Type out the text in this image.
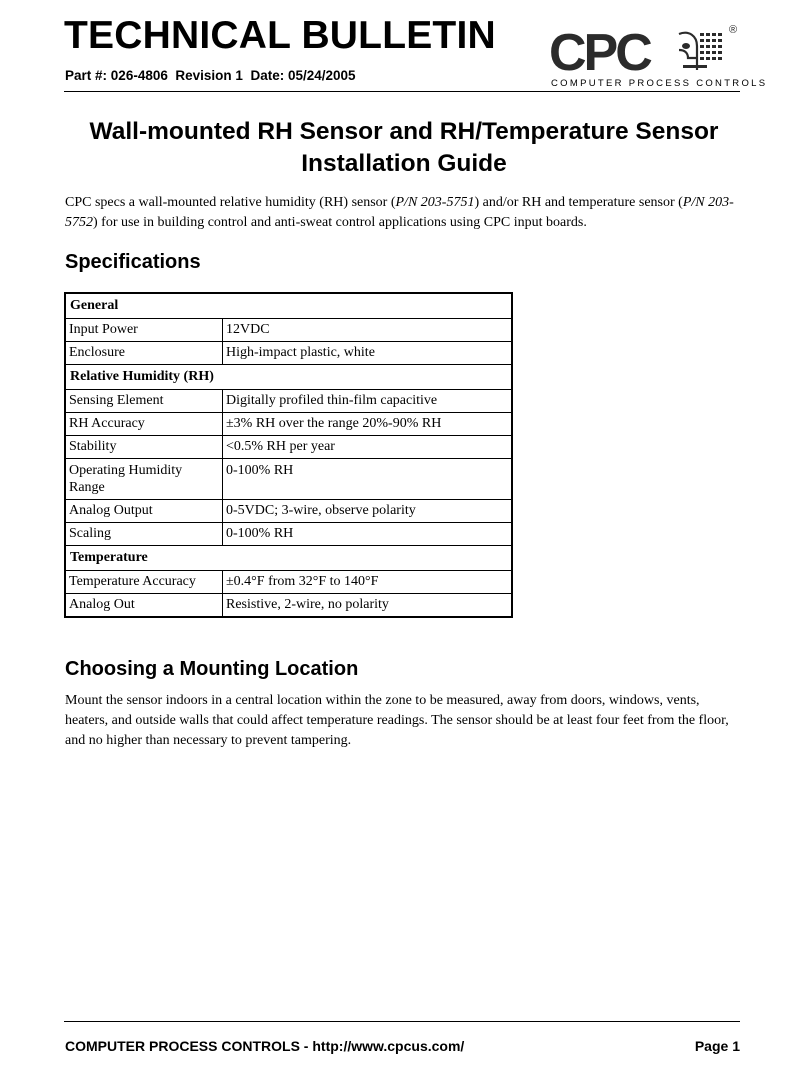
TECHNICAL BULLETIN
Part #: 026-4806 Revision 1 Date: 05/24/2005	CPC	®
COMPUTER PROCESS CONTROLS
Wall-mounted RH Sensor and RH/Temperature Sensor
Installation Guide

CPC specs a wall-mounted relative humidity (RH) sensor (P/N 203-5751) and/or RH and temperature sensor (P/N 203-5752) for use in building control and anti-sweat control applications using CPC input boards.

Specifications
General	
Input Power	12VDC
Enclosure	High-impact plastic, white
Relative Humidity (RH)	
Sensing Element	Digitally profiled thin-film capacitive
RH Accuracy	±3% RH over the range 20%-90% RH
Stability	<0.5% RH per year
Operating Humidity Range	0-100% RH
Analog Output	0-5VDC; 3-wire, observe polarity
Scaling	0-100% RH
Temperature	
Temperature Accuracy	±0.4°F from 32°F to 140°F
Analog Out	Resistive, 2-wire, no polarity
Choosing a Mounting Location

Mount the sensor indoors in a central location within the zone to be measured, away from doors, windows, vents, heaters, and outside walls that could affect temperature readings. The sensor should be at least four feet from the floor, and no higher than necessary to prevent tampering.

COMPUTER PROCESS CONTROLS - http://www.cpcus.com/	Page 1
